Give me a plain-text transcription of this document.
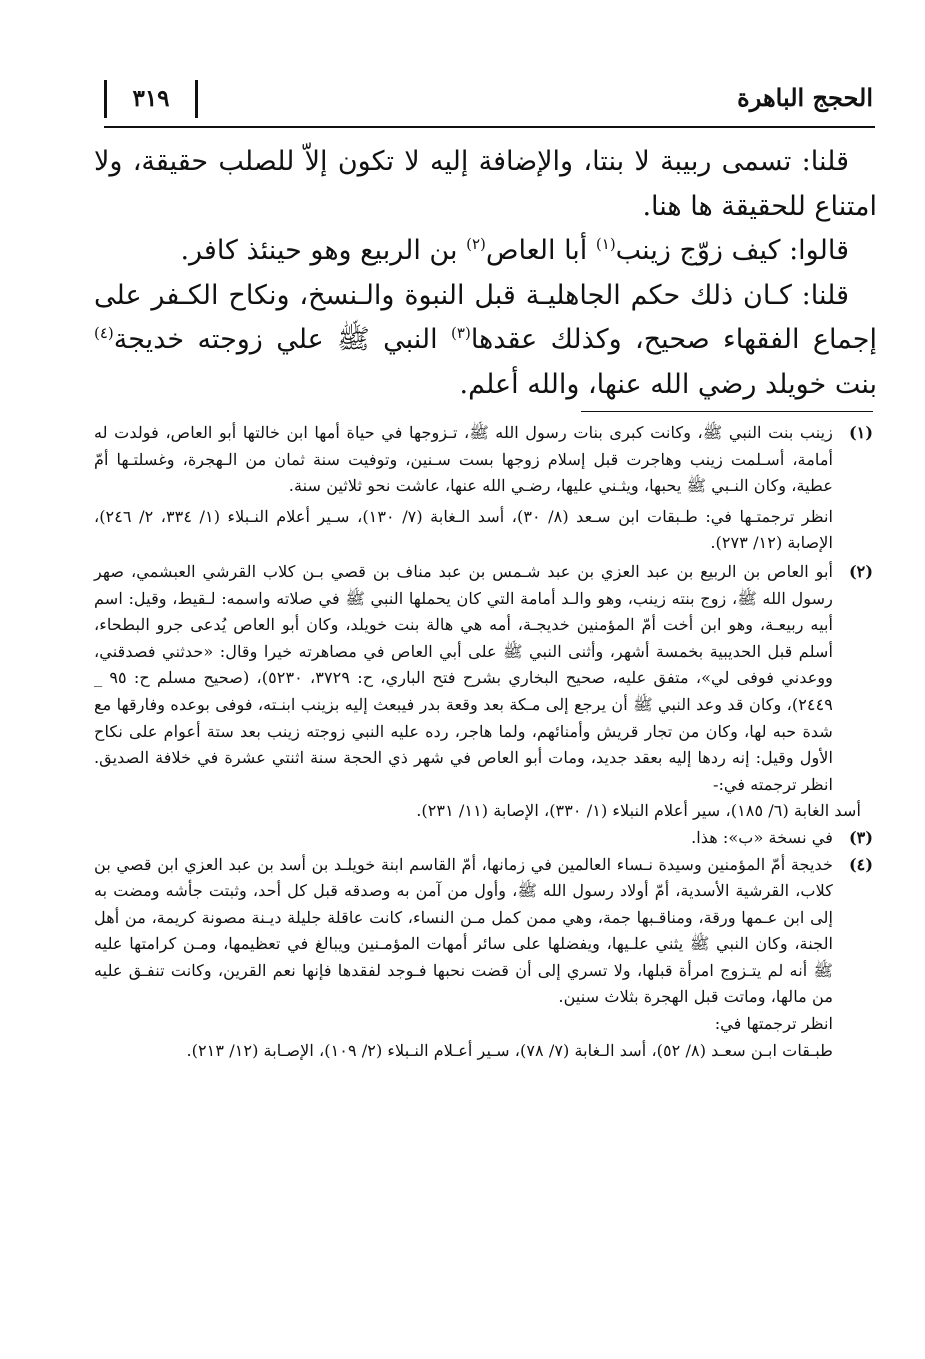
الحجج الباهرة
٣١٩

قلنا: تسمى ربيبة لا بنتا، والإضافة إليه لا تكون إلاّ للصلب حقيقة، ولا امتناع للحقيقة ها هنا.

قالوا: كيف زوّج زينب$^{(١)}$ أبا العاص$^{(٢)}$ بن الربيع وهو حينئذ كافر.

قلنا: كـان ذلك حكم الجاهليـة قبل النبوة والـنسخ، ونكاح الكـفر على إجماع الفقهاء صحيح، وكذلك عقدها$^{(٣)}$ النبي ﷺ علي زوجته خديجة$^{(٤)}$ بنت خويلد رضي الله عنها، والله أعلم.

(١)

زينب بنت النبي ﷺ، وكانت كبرى بنات رسول الله ﷺ، تـزوجها في حياة أمها ابن خالتها أبو العاص، فولدت له أمامة، أسـلمت زينب وهاجرت قبل إسلام زوجها بست سـنين، وتوفيت سنة ثمان من الـهجرة، وغسلتـها أمّ عطية، وكان النـبي ﷺ يحبها، ويثـني عليها، رضـي الله عنها، عاشت نحو ثلاثين سنة.

انظر ترجمتـها في: طـبقات ابن سـعد (٨/ ٣٠)، أسد الـغابة (٧/ ١٣٠)، سـير أعلام النـبلاء (١/ ٣٣٤، ٢/ ٢٤٦)، الإصابة (١٢/ ٢٧٣).

(٢)

أبو العاص بن الربيع بن عبد العزي بن عبد شـمس بن عبد مناف بن قصي بـن كلاب القرشي العبشمي، صهر رسول الله ﷺ، زوج بنته زينب، وهو والـد أمامة التي كان يحملها النبي ﷺ في صلاته واسمه: لـقيط، وقيل: اسم أبيه ربيعـة، وهو ابن أخت أمّ المؤمنين خديجـة، أمه هي هالة بنت خويلد، وكان أبو العاص يُدعى جرو البطحاء، أسلم قبل الحديبية بخمسة أشهر، وأثنى النبي ﷺ على أبي العاص في مصاهرته خيرا وقال: «حدثني فصدقني، ووعدني فوفى لي»، متفق عليه، صحيح البخاري بشرح فتح الباري، ح: ٣٧٢٩، ٥٢٣٠)، (صحيح مسلم ح: ٩٥ _ ٢٤٤٩)، وكان قد وعد النبي ﷺ أن يرجع إلى مـكة بعد وقعة بدر فيبعث إليه بزينب ابنـته، فوفى بوعده وفارقها مع شدة حبه لها، وكان من تجار قريش وأمنائهم، ولما هاجر، رده عليه النبي زوجته زينب بعد ستة أعوام على نكاح الأول وقيل: إنه ردها إليه بعقد جديد، ومات أبو العاص في شهر ذي الحجة سنة اثنتي عشرة في خلافة الصديق. انظر ترجمته في:-

أسد الغابة (٦/ ١٨٥)، سير أعلام النبلاء (١/ ٣٣٠)، الإصابة (١١/ ٢٣١).

(٣)

في نسخة «ب»: هذا.

(٤)

خديجة أمّ المؤمنين وسيدة نـساء العالمين في زمانها، أمّ القاسم ابنة خويلـد بن أسد بن عبد العزي ابن قصي بن كلاب، القرشية الأسدية، أمّ أولاد رسول الله ﷺ، وأول من آمن به وصدقه قبل كل أحد، وثبتت جأشه ومضت به إلى ابن عـمها ورقة، ومناقـبها جمة، وهي ممن كمل مـن النساء، كانت عاقلة جليلة ديـنة مصونة كريمة، من أهل الجنة، وكان النبي ﷺ يثني علـيها، ويفضلها على سائر أمهات المؤمـنين ويبالغ في تعظيمها، ومـن كرامتها عليه ﷺ أنه لم يتـزوج امرأة قبلها، ولا تسري إلى أن قضت نحبها فـوجد لفقدها فإنها نعم القرين، وكانت تنفـق عليه من مالها، وماتت قبل الهجرة بثلاث سنين.

انظر ترجمتها في:

طبـقات ابـن سعـد (٨/ ٥٢)، أسد الـغابة (٧/ ٧٨)، سـير أعـلام النـبلاء (٢/ ١٠٩)، الإصـابة (١٢/ ٢١٣).
